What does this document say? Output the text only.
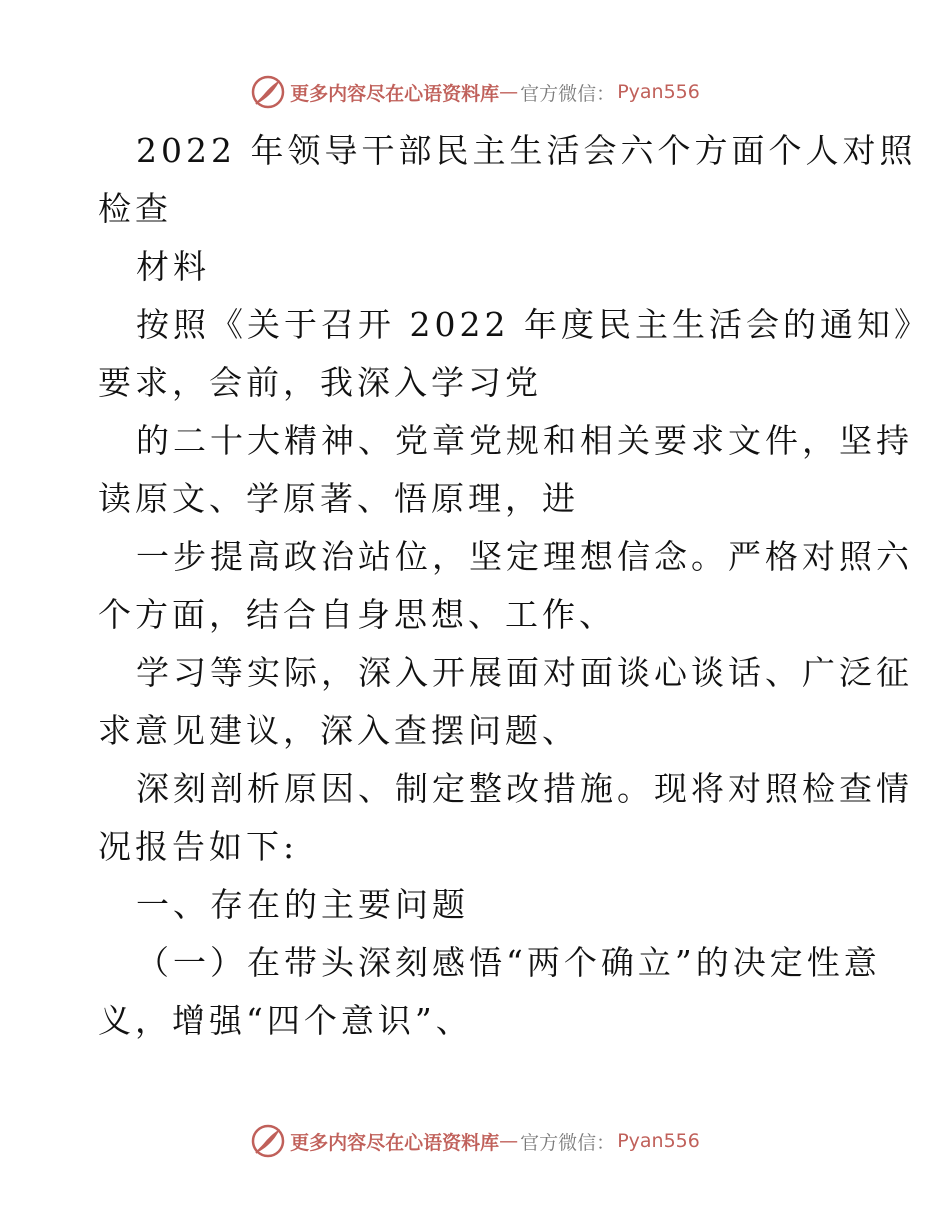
更多内容尽在心语资料库 — 官方微信： Pyan556
2022 年领导干部民主生活会六个方面个人对照
检查
材料
按照《关于召开 2022 年度民主生活会的通知》
要求，会前，我深入学习党
的二十大精神、党章党规和相关要求文件，坚持
读原文、学原著、悟原理，进
一步提高政治站位，坚定理想信念。严格对照六
个方面，结合自身思想、工作、
学习等实际，深入开展面对面谈心谈话、广泛征
求意见建议，深入查摆问题、
深刻剖析原因、制定整改措施。现将对照检查情
况报告如下:
一、存在的主要问题
（一）在带头深刻感悟“两个确立”的决定性意
义，增强“四个意识”、
更多内容尽在心语资料库 — 官方微信： Pyan556
